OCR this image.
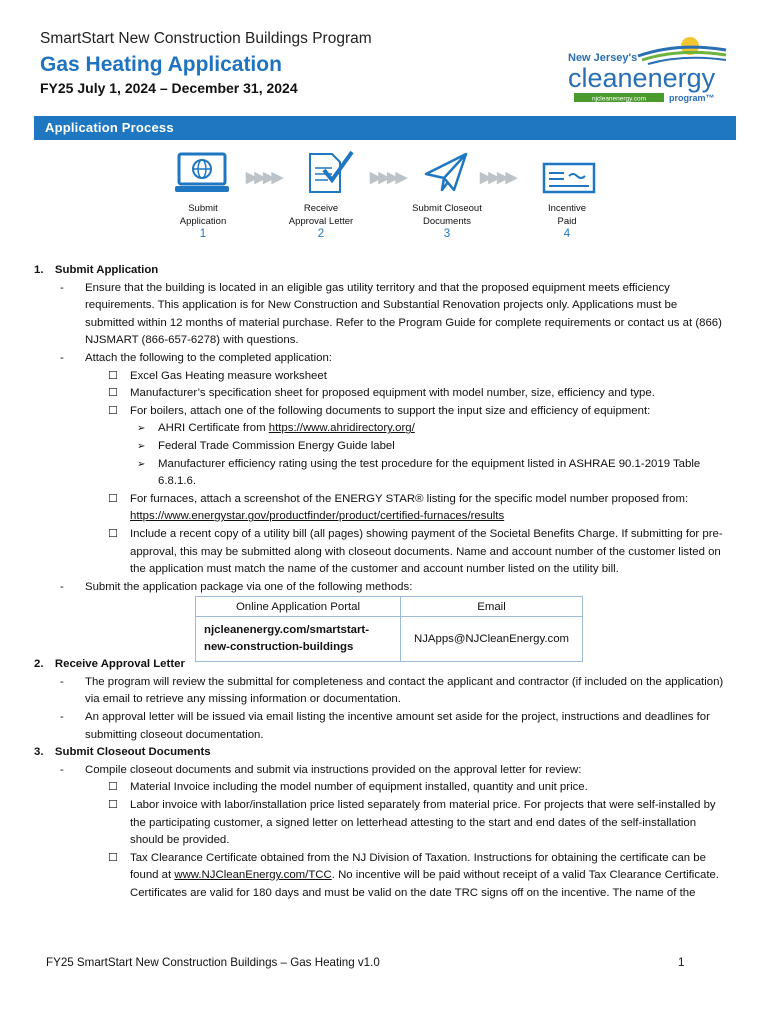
SmartStart New Construction Buildings Program
Gas Heating Application
FY25 July 1, 2024 – December 31, 2024
New Jersey's
cleanenergy
njcleanenergy.com	program™
Application Process
▶▶▶▶	▶▶▶▶	▶▶▶▶
Submit
Application
1
Receive
Approval Letter
2
Submit Closeout
Documents
3
Incentive
Paid
4

1. Submit Application

-	Ensure that the building is located in an eligible gas utility territory and that the proposed equipment meets efficiency

requirements. This application is for New Construction and Substantial Renovation projects only. Applications must be

submitted within 12 months of material purchase. Refer to the Program Guide for complete requirements or contact us at (866)

NJSMART (866-657-6278) with questions.

-	Attach the following to the completed application:

☐	Excel Gas Heating measure worksheet

☐	Manufacturer’s specification sheet for proposed equipment with model number, size, efficiency and type.

☐	For boilers, attach one of the following documents to support the input size and efficiency of equipment:

➢	AHRI Certificate from https://www.ahridirectory.org/

➢	Federal Trade Commission Energy Guide label

➢	Manufacturer efficiency rating using the test procedure for the equipment listed in ASHRAE 90.1-2019 Table

6.8.1.6.

☐	For furnaces, attach a screenshot of the ENERGY STAR® listing for the specific model number proposed from:

https://www.energystar.gov/productfinder/product/certified-furnaces/results

☐	Include a recent copy of a utility bill (all pages) showing payment of the Societal Benefits Charge. If submitting for pre-

approval, this may be submitted along with closeout documents. Name and account number of the customer listed on

the application must match the name of the customer and account number listed on the utility bill.

-	Submit the application package via one of the following methods:

2. Receive Approval Letter

-	The program will review the submittal for completeness and contact the applicant and contractor (if included on the application)

via email to retrieve any missing information or documentation.

-	An approval letter will be issued via email listing the incentive amount set aside for the project, instructions and deadlines for

submitting closeout documentation.

3. Submit Closeout Documents

-	Compile closeout documents and submit via instructions provided on the approval letter for review:

☐	Material Invoice including the model number of equipment installed, quantity and unit price.

☐	Labor invoice with labor/installation price listed separately from material price. For projects that were self-installed by

the participating customer, a signed letter on letterhead attesting to the start and end dates of the self-installation

should be provided.

☐	Tax Clearance Certificate obtained from the NJ Division of Taxation. Instructions for obtaining the certificate can be

found at www.NJCleanEnergy.com/TCC. No incentive will be paid without receipt of a valid Tax Clearance Certificate.

Certificates are valid for 180 days and must be valid on the date TRC signs off on the incentive. The name of the

Online Application Portal	Email
njcleanenergy.com/smartstart-new-construction-buildings	NJApps@NJCleanEnergy.com
FY25 SmartStart New Construction Buildings – Gas Heating v1.0	1
